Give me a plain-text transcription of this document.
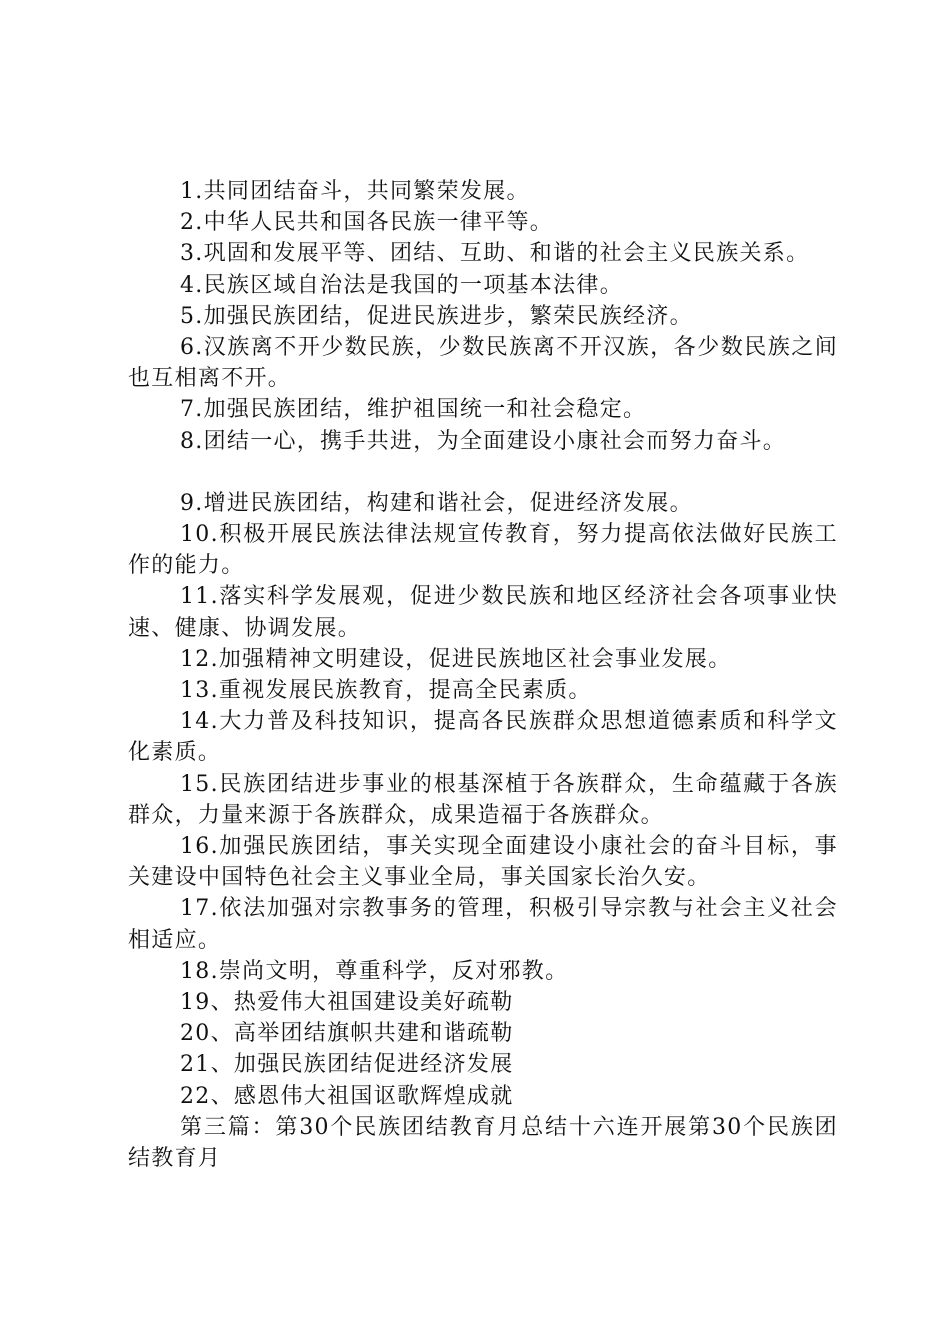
1.共同团结奋斗，共同繁荣发展。

2.中华人民共和国各民族一律平等。

3.巩固和发展平等、团结、互助、和谐的社会主义民族关系。

4.民族区域自治法是我国的一项基本法律。

5.加强民族团结，促进民族进步，繁荣民族经济。

6.汉族离不开少数民族，少数民族离不开汉族，各少数民族之间也互相离不开。

7.加强民族团结，维护祖国统一和社会稳定。

8.团结一心，携手共进，为全面建设小康社会而努力奋斗。

9.增进民族团结，构建和谐社会，促进经济发展。

10.积极开展民族法律法规宣传教育，努力提高依法做好民族工作的能力。

11.落实科学发展观，促进少数民族和地区经济社会各项事业快速、健康、协调发展。

12.加强精神文明建设，促进民族地区社会事业发展。

13.重视发展民族教育，提高全民素质。

14.大力普及科技知识，提高各民族群众思想道德素质和科学文化素质。

15.民族团结进步事业的根基深植于各族群众，生命蕴藏于各族群众，力量来源于各族群众，成果造福于各族群众。

16.加强民族团结，事关实现全面建设小康社会的奋斗目标，事关建设中国特色社会主义事业全局，事关国家长治久安。

17.依法加强对宗教事务的管理，积极引导宗教与社会主义社会相适应。

18.崇尚文明，尊重科学，反对邪教。

19、热爱伟大祖国建设美好疏勒

20、高举团结旗帜共建和谐疏勒

21、加强民族团结促进经济发展

22、感恩伟大祖国讴歌辉煌成就

第三篇：第30个民族团结教育月总结十六连开展第30个民族团结教育月
